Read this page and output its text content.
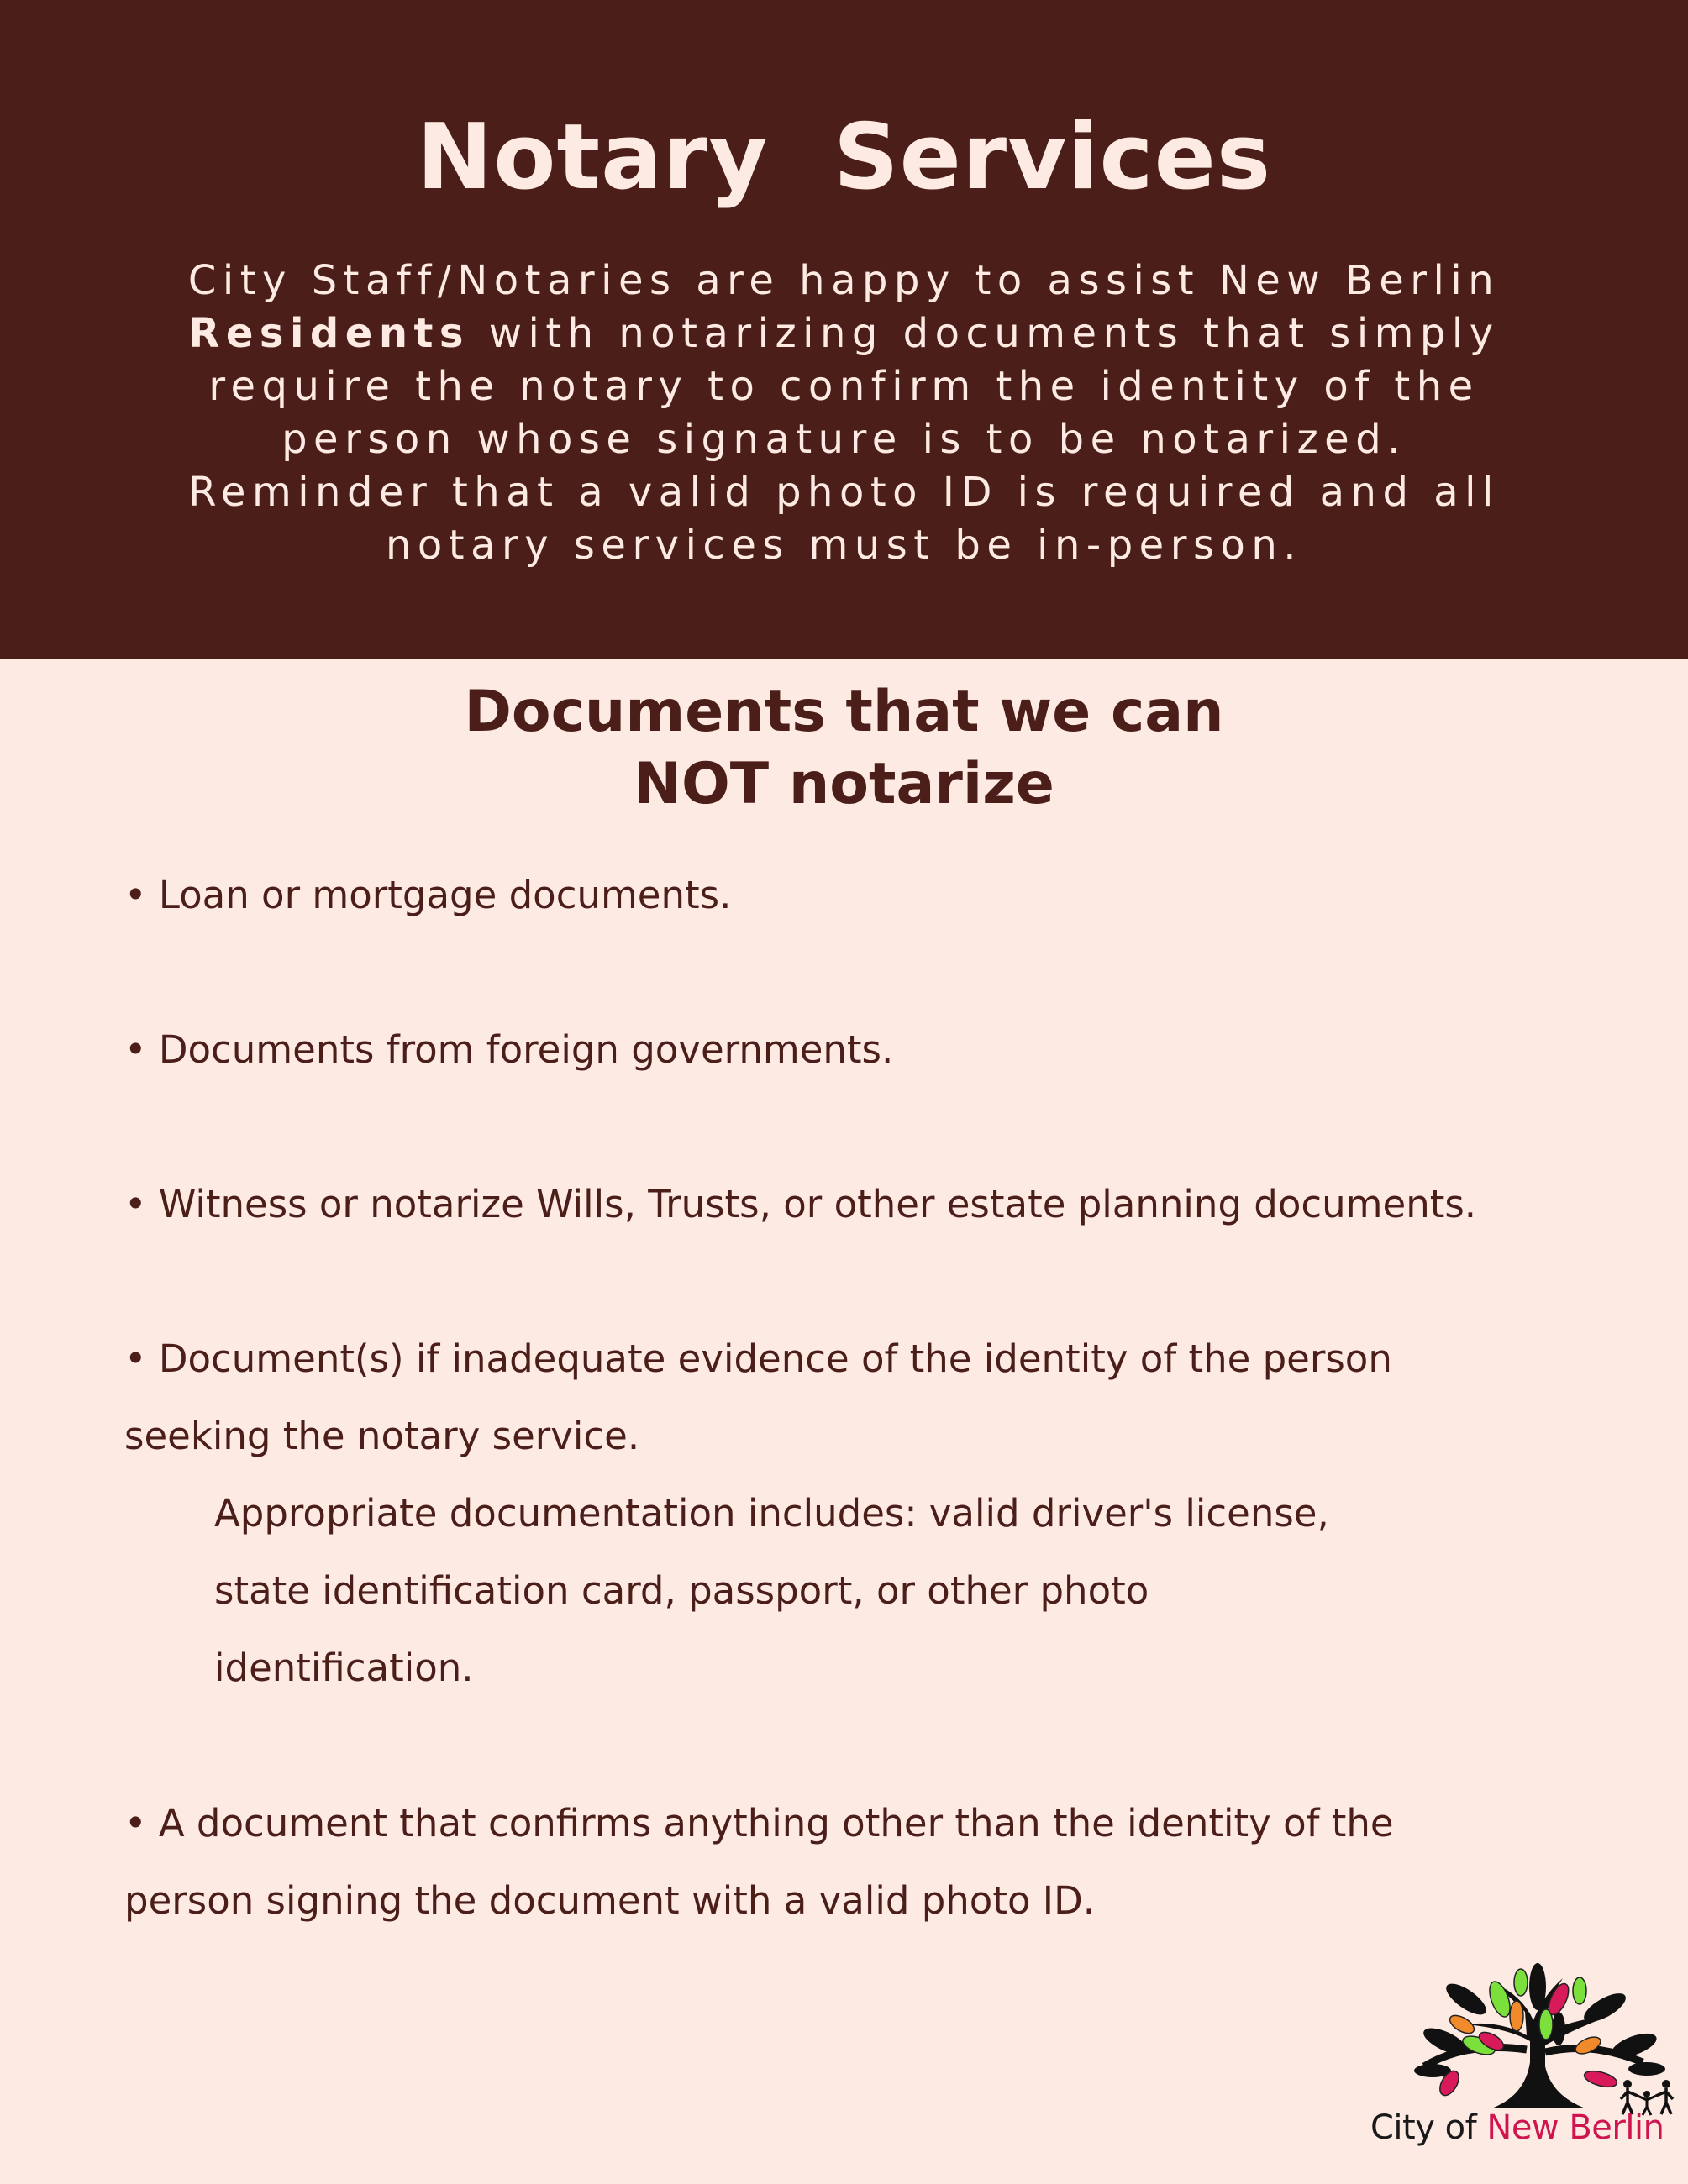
Notary  Services
City Staff/Notaries are happy to assist New Berlin
Residents with notarizing documents that simply
require the notary to confirm the identity of the
person whose signature is to be notarized.
Reminder that a valid photo ID is required and all
notary services must be in-person.
Documents that we can
NOT notarize
• Loan or mortgage documents.
• Documents from foreign governments.
• Witness or notarize Wills, Trusts, or other estate planning documents.
• Document(s) if inadequate evidence of the identity of the person
seeking the notary service.
Appropriate documentation includes: valid driver's license,
state identification card, passport, or other photo
identification.
• A document that confirms anything other than the identity of the
person signing the document with a valid photo ID.
City of New Berlin
